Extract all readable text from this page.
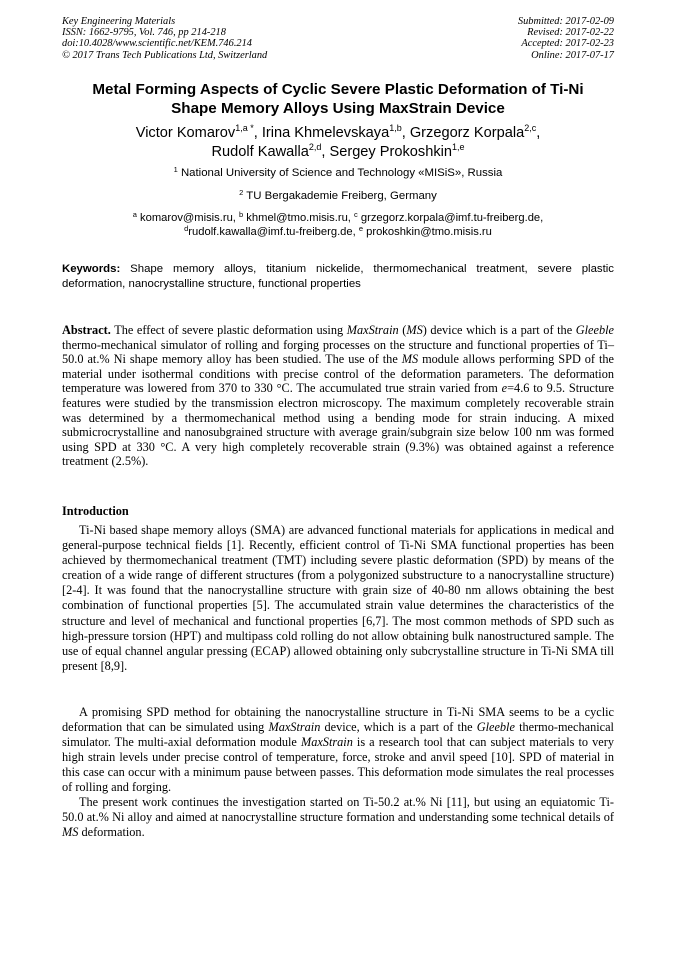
Key Engineering Materials
ISSN: 1662-9795, Vol. 746, pp 214-218
doi:10.4028/www.scientific.net/KEM.746.214
© 2017 Trans Tech Publications Ltd, Switzerland
Submitted: 2017-02-09
Revised: 2017-02-22
Accepted: 2017-02-23
Online: 2017-07-17
Metal Forming Aspects of Cyclic Severe Plastic Deformation of Ti-Ni
Shape Memory Alloys Using MaxStrain Device
Victor Komarov$^{1,a *}$, Irina Khmelevskaya$^{1,b}$, Grzegorz Korpala$^{2,c}$,
Rudolf Kawalla$^{2,d}$, Sergey Prokoshkin$^{1,e}$
$^1$ National University of Science and Technology «MISiS», Russia
$^2$ TU Bergakademie Freiberg, Germany
$^a$ komarov@misis.ru, $^b$ khmel@tmo.misis.ru, $^c$ grzegorz.korpala@imf.tu-freiberg.de,
$^d$rudolf.kawalla@imf.tu-freiberg.de, $^e$ prokoshkin@tmo.misis.ru
Keywords: Shape memory alloys, titanium nickelide, thermomechanical treatment, severe plastic deformation, nanocrystalline structure, functional properties
Abstract. The effect of severe plastic deformation using MaxStrain (MS) device which is a part of the Gleeble thermo-mechanical simulator of rolling and forging processes on the structure and functional properties of Ti–50.0 at.% Ni shape memory alloy has been studied. The use of the MS module allows performing SPD of the material under isothermal conditions with precise control of the deformation parameters. The deformation temperature was lowered from 370 to 330 °C. The accumulated true strain varied from e=4.6 to 9.5. Structure features were studied by the transmission electron microscopy. The maximum completely recoverable strain was determined by a thermomechanical method using a bending mode for strain inducing. A mixed submicrocrystalline and nanosubgrained structure with average grain/subgrain size below 100 nm was formed using SPD at 330 °C. A very high completely recoverable strain (9.3%) was obtained against a reference treatment (2.5%).
Introduction

Ti-Ni based shape memory alloys (SMA) are advanced functional materials for applications in medical and general-purpose technical fields [1]. Recently, efficient control of Ti-Ni SMA functional properties has been achieved by thermomechanical treatment (TMT) including severe plastic deformation (SPD) by means of the creation of a wide range of different structures (from a polygonized substructure to a nanocrystalline structure) [2-4]. It was found that the nanocrystalline structure with grain size of 40-80 nm allows obtaining the best combination of functional properties [5]. The accumulated strain value determines the characteristics of the structure and level of mechanical and functional properties [6,7]. The most common methods of SPD such as high-pressure torsion (HPT) and multipass cold rolling do not allow obtaining bulk nanostructured sample. The use of equal channel angular pressing (ECAP) allowed obtaining only subcrystalline structure in Ti-Ni SMA till present [8,9].

A promising SPD method for obtaining the nanocrystalline structure in Ti-Ni SMA seems to be a cyclic deformation that can be simulated using MaxStrain device, which is a part of the Gleeble thermo-mechanical simulator. The multi-axial deformation module MaxStrain is a research tool that can subject materials to very high strain levels under precise control of temperature, force, stroke and anvil speed [10]. SPD of material in this case can occur with a minimum pause between passes. This deformation mode simulates the real processes of rolling and forging.

The present work continues the investigation started on Ti-50.2 at.% Ni [11], but using an equiatomic Ti-50.0 at.% Ni alloy and aimed at nanocrystalline structure formation and understanding some technical details of MS deformation.
